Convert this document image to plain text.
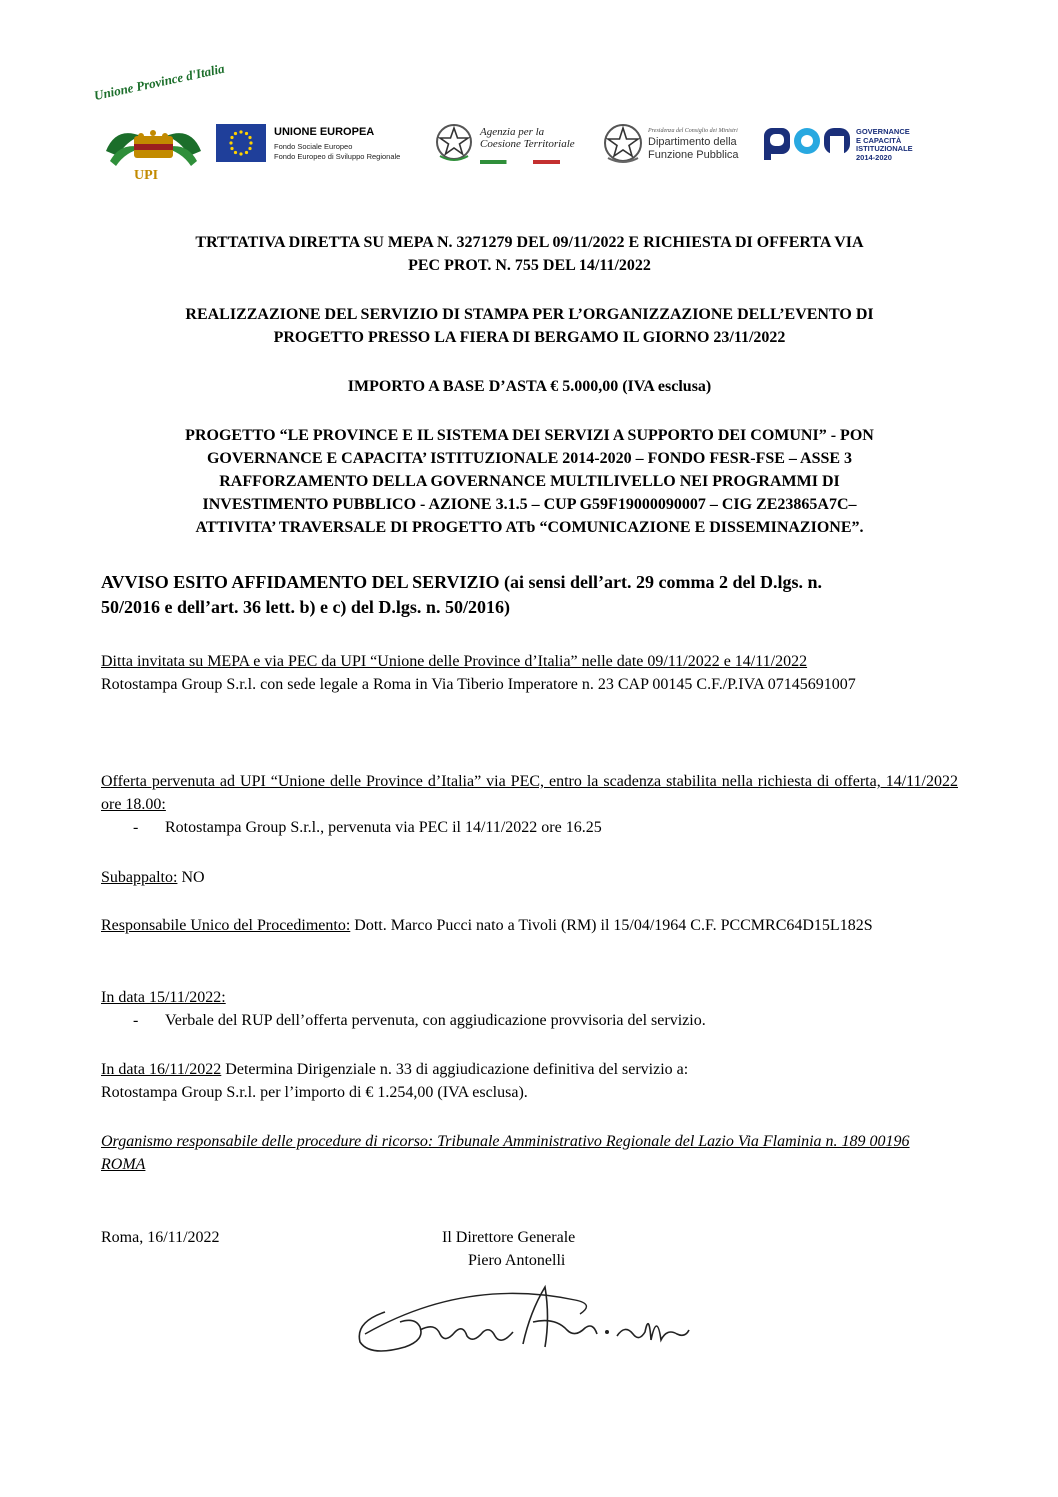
Unione Province d'Italia
UPI
UNIONE EUROPEA
Fondo Sociale Europeo
Fondo Europeo di Sviluppo Regionale
Agenzia per la
Coesione Territoriale
Presidenza del Consiglio dei Ministri
Dipartimento della
Funzione Pubblica
GOVERNANCE
E CAPACITÀ
ISTITUZIONALE
2014-2020
TRTTATIVA DIRETTA SU MEPA N. 3271279 DEL 09/11/2022 E RICHIESTA DI OFFERTA VIA
PEC PROT. N. 755 DEL 14/11/2022
REALIZZAZIONE DEL SERVIZIO DI STAMPA PER L’ORGANIZZAZIONE DELL’EVENTO DI
PROGETTO PRESSO LA FIERA DI BERGAMO IL GIORNO 23/11/2022
IMPORTO A BASE D’ASTA € 5.000,00 (IVA esclusa)
PROGETTO “LE PROVINCE E IL SISTEMA DEI SERVIZI A SUPPORTO DEI COMUNI” - PON
GOVERNANCE E CAPACITA’ ISTITUZIONALE 2014-2020 – FONDO FESR-FSE – ASSE 3
RAFFORZAMENTO DELLA GOVERNANCE MULTILIVELLO NEI PROGRAMMI DI
INVESTIMENTO PUBBLICO - AZIONE 3.1.5 – CUP G59F19000090007 – CIG ZE23865A7C–
ATTIVITA’ TRAVERSALE DI PROGETTO ATb “COMUNICAZIONE E DISSEMINAZIONE”.
AVVISO ESITO AFFIDAMENTO DEL SERVIZIO (ai sensi dell’art. 29 comma 2 del D.lgs. n.
50/2016 e dell’art. 36 lett. b) e c) del D.lgs. n. 50/2016)
Ditta invitata su MEPA e via PEC da UPI “Unione delle Province d’Italia” nelle date 09/11/2022 e 14/11/2022
Rotostampa Group S.r.l. con sede legale a Roma in Via Tiberio Imperatore n. 23 CAP 00145 C.F./P.IVA 07145691007
Offerta pervenuta ad UPI “Unione delle Province d’Italia” via PEC, entro la scadenza stabilita nella richiesta di offerta, 14/11/2022 ore 18.00:
- Rotostampa Group S.r.l., pervenuta via PEC il 14/11/2022 ore 16.25
Subappalto: NO
Responsabile Unico del Procedimento: Dott. Marco Pucci nato a Tivoli (RM) il 15/04/1964 C.F. PCCMRC64D15L182S
In data 15/11/2022:
- Verbale del RUP dell’offerta pervenuta, con aggiudicazione provvisoria del servizio.
In data 16/11/2022 Determina Dirigenziale n. 33 di aggiudicazione definitiva del servizio a:
Rotostampa Group S.r.l. per l’importo di € 1.254,00 (IVA esclusa).
Organismo responsabile delle procedure di ricorso: Tribunale Amministrativo Regionale del Lazio Via Flaminia n. 189 00196 ROMA
Roma, 16/11/2022	Il Direttore Generale
Piero Antonelli
